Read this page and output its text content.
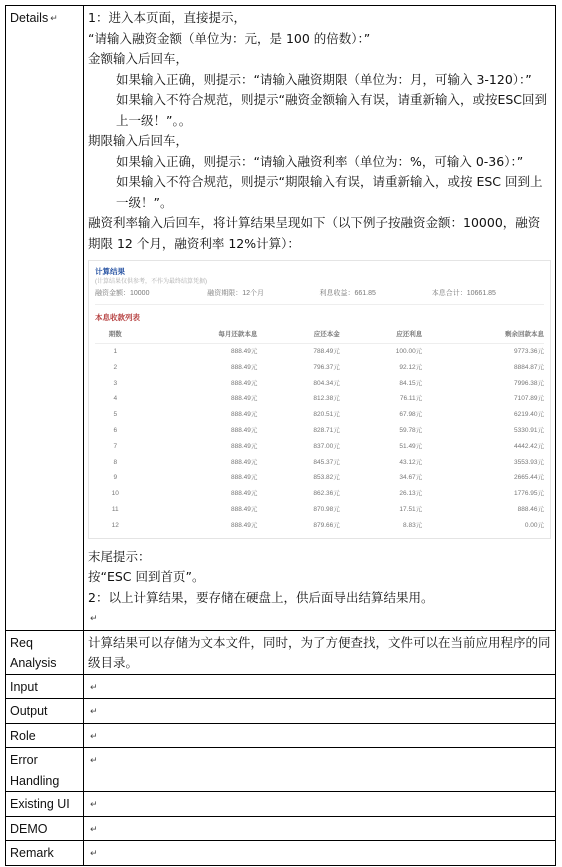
Details ↵	1：进入本页面，直接提示，
“请输入融资金额（单位为：元，是 100 的倍数）：”
金额输入后回车，
如果输入正确，则提示：“请输入融资期限（单位为：月，可输入 3-120）：”
如果输入不符合规范，则提示“融资金额输入有误，请重新输入，或按ESC回到上一级！”。。
期限输入后回车，
如果输入正确，则提示：“请输入融资利率（单位为：%，可输入 0-36）：”
如果输入不符合规范，则提示“期限输入有误，请重新输入，或按 ESC 回到上一级！”。
融资利率输入后回车，将计算结果呈现如下（以下例子按融资金额：10000，融资期限 12 个月，融资利率 12%计算）：
计算结果
(计算结果仅供参考，不作为最终结算凭据)
融资金额：10000	融资期限：12个月	利息收益：661.85	本息合计：10661.85
本息收款列表
期数	每月还款本息	应还本金	应还利息	剩余回款本息
1	888.49元	788.49元	100.00元	9773.36元
2	888.49元	796.37元	92.12元	8884.87元
3	888.49元	804.34元	84.15元	7996.38元
4	888.49元	812.38元	76.11元	7107.89元
5	888.49元	820.51元	67.98元	6219.40元
6	888.49元	828.71元	59.78元	5330.91元
7	888.49元	837.00元	51.49元	4442.42元
8	888.49元	845.37元	43.12元	3553.93元
9	888.49元	853.82元	34.67元	2665.44元
10	888.49元	862.36元	26.13元	1776.95元
11	888.49元	870.98元	17.51元	888.46元
12	888.49元	879.66元	8.83元	0.00元
末尾提示：
按“ESC 回到首页”。
2：以上计算结果，要存储在硬盘上，供后面导出结算结果用。
↵

Req Analysis	计算结果可以存储为文本文件，同时，为了方便查找，文件可以在当前应用程序的同级目录。
Input	↵
Output	↵
Role	↵
Error Handling	↵
Existing UI	↵
DEMO	↵
Remark	↵
